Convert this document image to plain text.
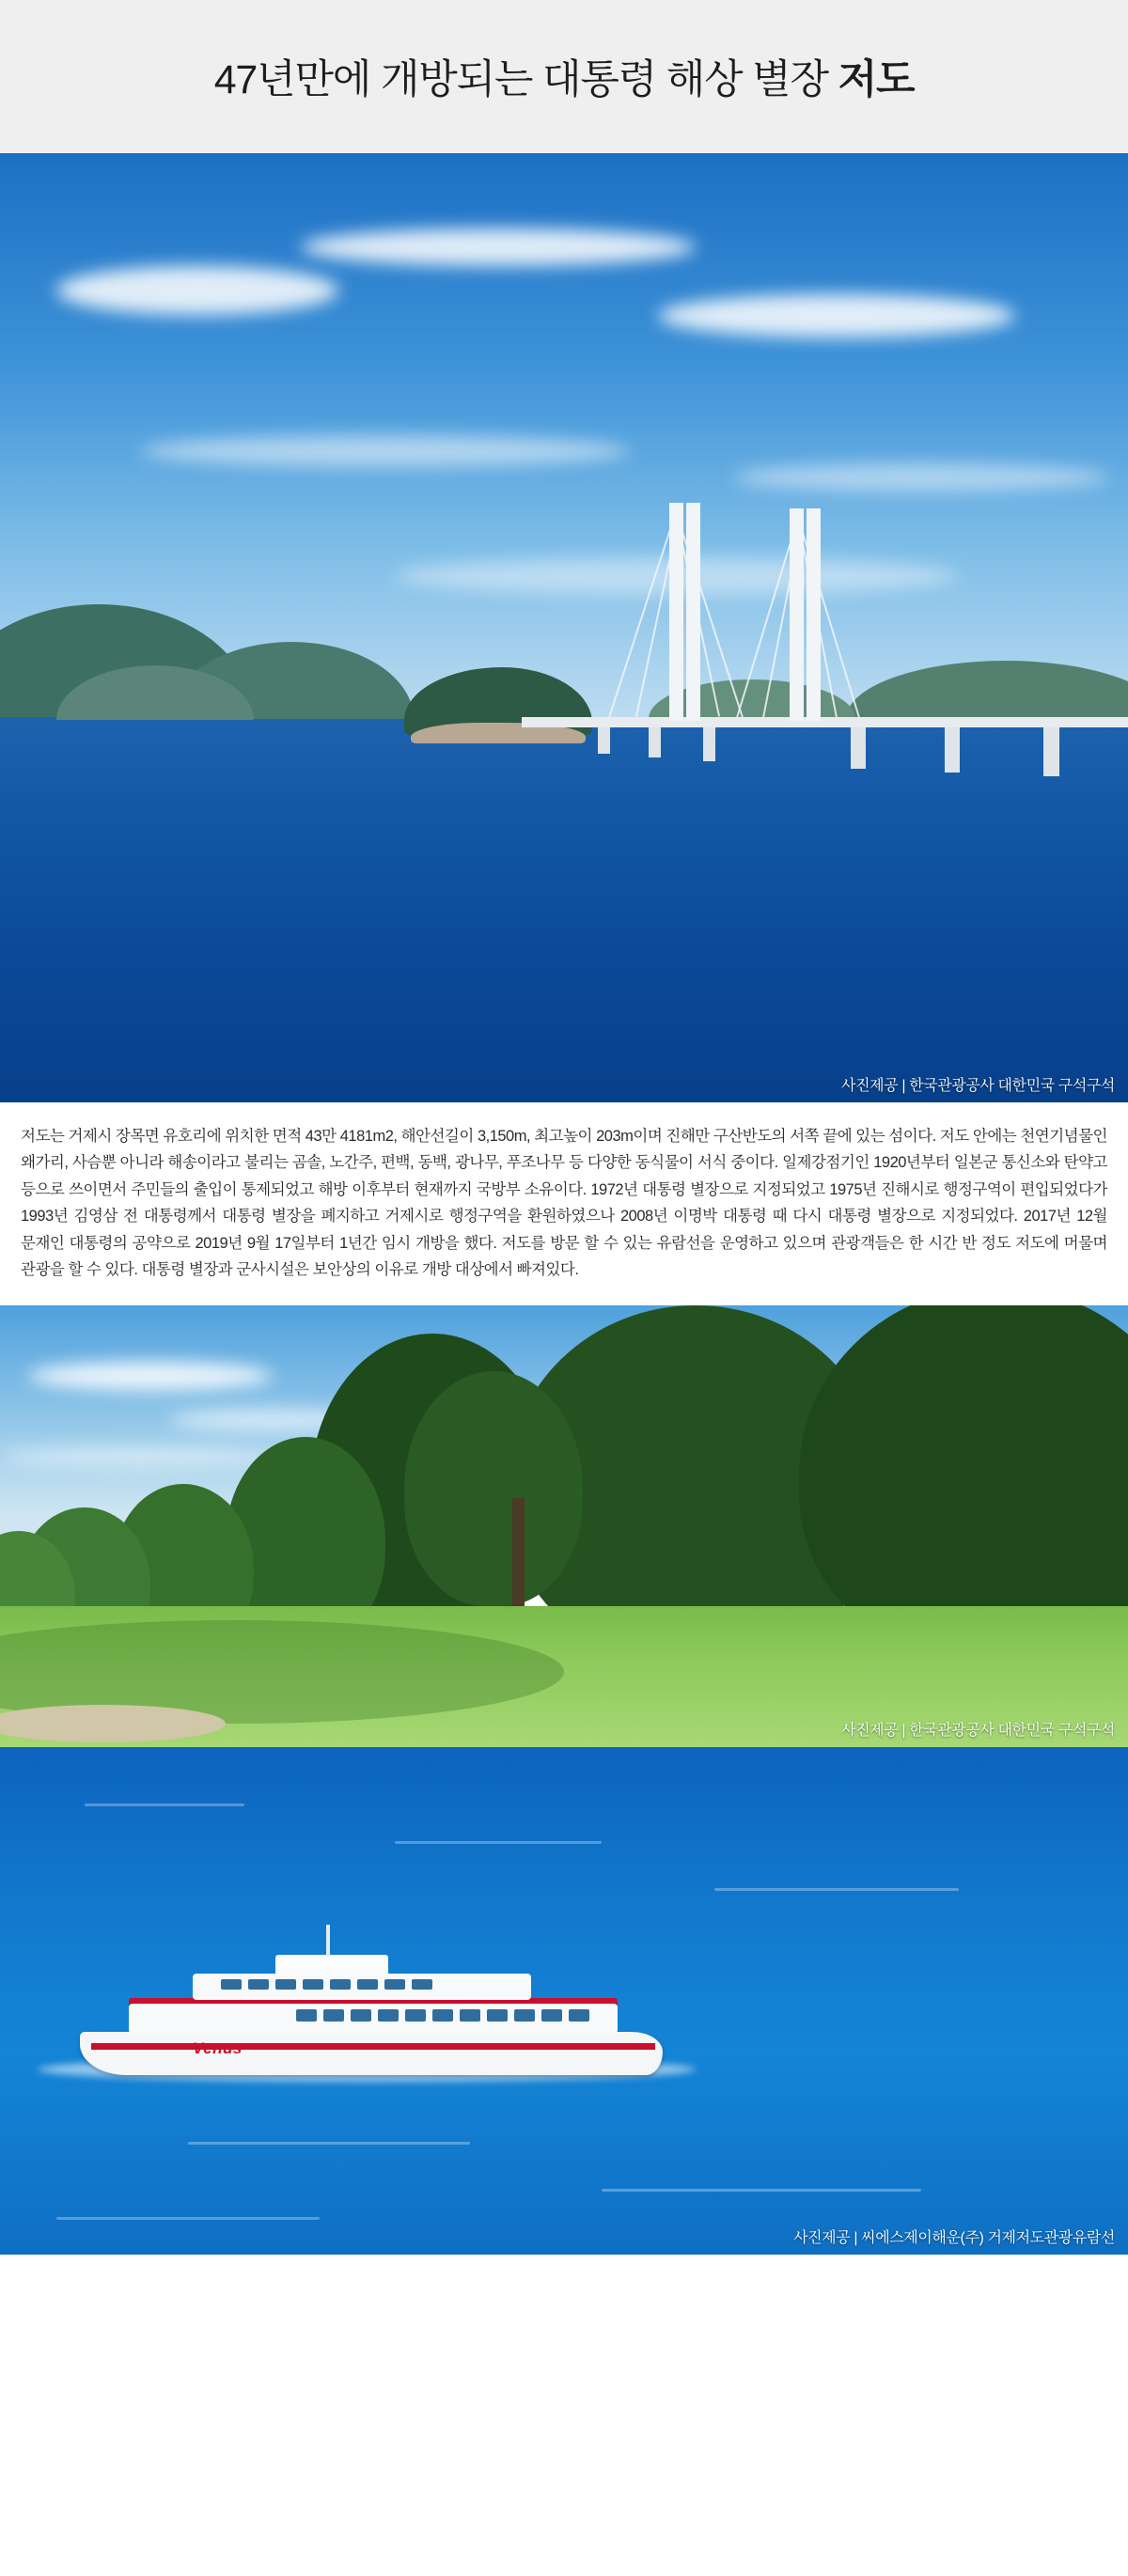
47년만에 개방되는 대통령 해상 별장 저도
사진제공 | 한국관광공사 대한민국 구석구석

저도는 거제시 장목면 유호리에 위치한 면적 43만 4181m2, 해안선길이 3,150m, 최고높이 203m이며 진해만 구산반도의 서쪽 끝에 있는 섬이다. 저도 안에는 천연기념물인 왜가리, 사슴뿐 아니라 해송이라고 불리는 곰솔, 노간주, 편백, 동백, 광나무, 푸조나무 등 다양한 동식물이 서식 중이다. 일제강점기인 1920년부터 일본군 통신소와 탄약고 등으로 쓰이면서 주민들의 출입이 통제되었고 해방 이후부터 현재까지 국방부 소유이다. 1972년 대통령 별장으로 지정되었고 1975년 진해시로 행정구역이 편입되었다가 1993년 김영삼 전 대통령께서 대통령 별장을 폐지하고 거제시로 행정구역을 환원하였으나 2008년 이명박 대통령 때 다시 대통령 별장으로 지정되었다. 2017년 12월 문재인 대통령의 공약으로 2019년 9월 17일부터 1년간 임시 개방을 했다. 저도를 방문 할 수 있는 유람선을 운영하고 있으며 관광객들은 한 시간 반 정도 저도에 머물며 관광을 할 수 있다. 대통령 별장과 군사시설은 보안상의 이유로 개방 대상에서 빠져있다.

사진제공 | 한국관광공사 대한민국 구석구석
Venus
사진제공 | 씨에스제이해운(주) 거제저도관광유람선
